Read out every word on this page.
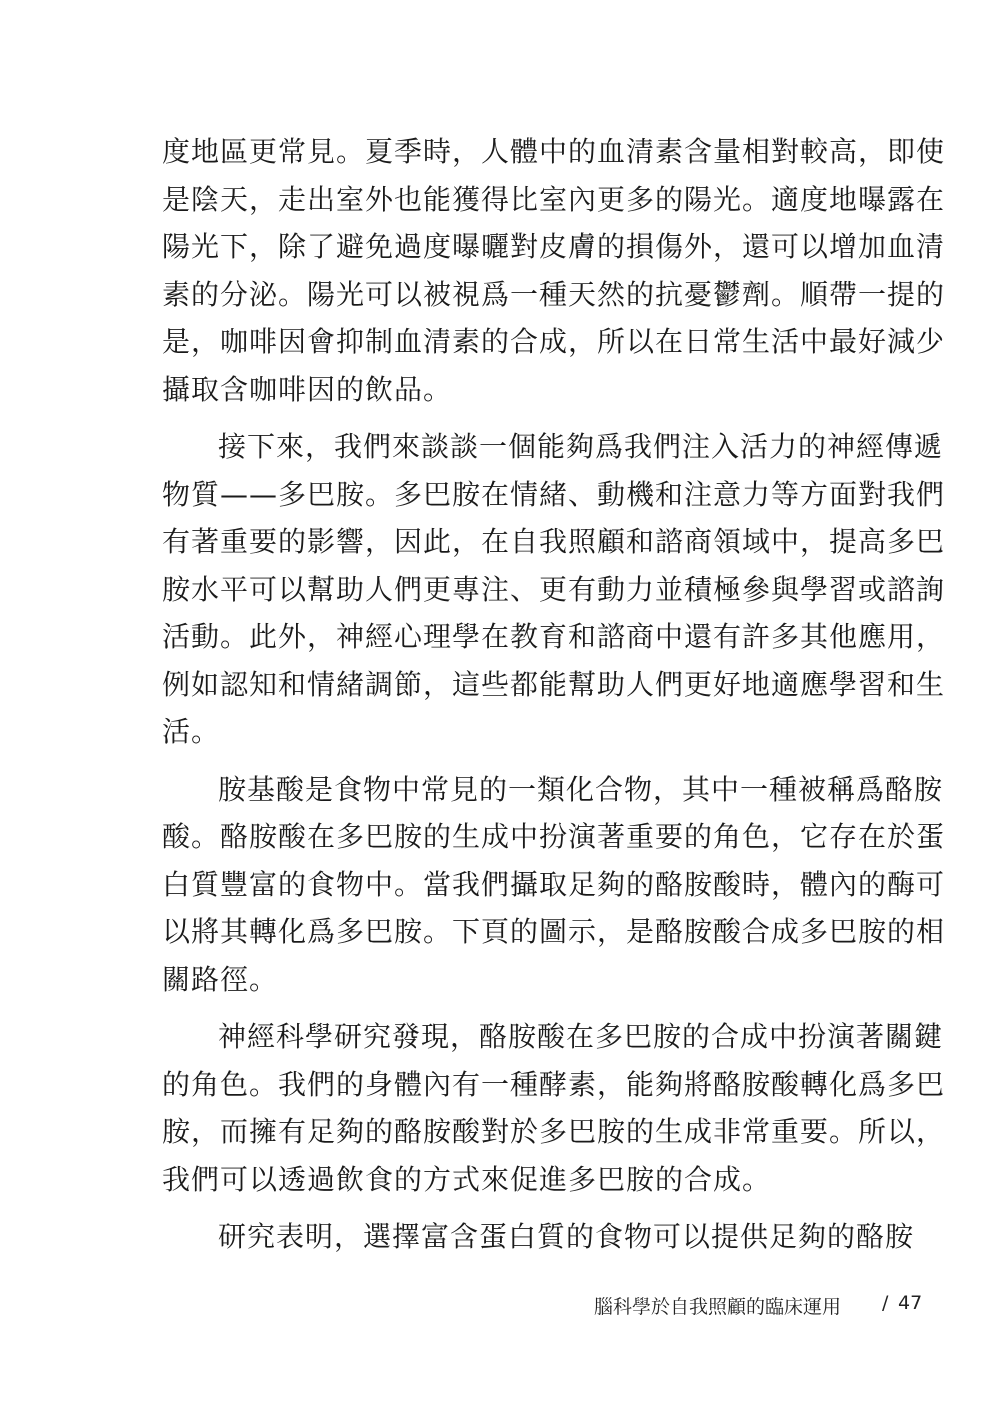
度地區更常見。夏季時，人體中的血清素含量相對較高，即使
是陰天，走出室外也能獲得比室內更多的陽光。適度地曝露在
陽光下，除了避免過度曝曬對皮膚的損傷外，還可以增加血清
素的分泌。陽光可以被視爲一種天然的抗憂鬱劑。順帶一提的
是，咖啡因會抑制血清素的合成，所以在日常生活中最好減少
攝取含咖啡因的飲品。
接下來，我們來談談一個能夠爲我們注入活力的神經傳遞
物質——多巴胺。多巴胺在情緒、動機和注意力等方面對我們
有著重要的影響，因此，在自我照顧和諮商領域中，提高多巴
胺水平可以幫助人們更專注、更有動力並積極參與學習或諮詢
活動。此外，神經心理學在教育和諮商中還有許多其他應用，
例如認知和情緒調節，這些都能幫助人們更好地適應學習和生
活。
胺基酸是食物中常見的一類化合物，其中一種被稱爲酪胺
酸。酪胺酸在多巴胺的生成中扮演著重要的角色，它存在於蛋
白質豐富的食物中。當我們攝取足夠的酪胺酸時，體內的酶可
以將其轉化爲多巴胺。下頁的圖示，是酪胺酸合成多巴胺的相
關路徑。
神經科學研究發現，酪胺酸在多巴胺的合成中扮演著關鍵
的角色。我們的身體內有一種酵素，能夠將酪胺酸轉化爲多巴
胺，而擁有足夠的酪胺酸對於多巴胺的生成非常重要。所以，
我們可以透過飲食的方式來促進多巴胺的合成。
研究表明，選擇富含蛋白質的食物可以提供足夠的酪胺
腦科學於自我照顧的臨床運用 / 47
